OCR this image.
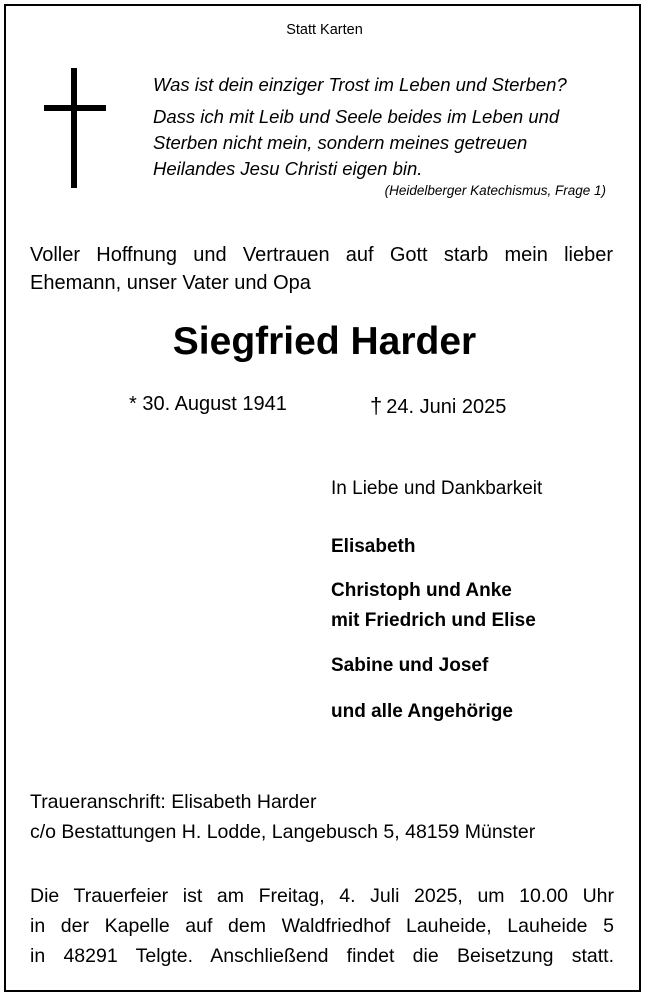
Statt Karten
Was ist dein einziger Trost im Leben und Sterben?
Dass ich mit Leib und Seele beides im Leben und
Sterben nicht mein, sondern meines getreuen
Heilandes Jesu Christi eigen bin.
(Heidelberger Katechismus, Frage 1)
Voller Hoffnung und Vertrauen auf Gott starb mein lieber
Ehemann, unser Vater und Opa
Siegfried Harder
* 30. August 1941	† 24. Juni 2025
In Liebe und Dankbarkeit
Elisabeth
Christoph und Anke
mit Friedrich und Elise
Sabine und Josef
und alle Angehörige
Traueranschrift: Elisabeth Harder
c/o Bestattungen H. Lodde, Langebusch 5, 48159 Münster
Die Trauerfeier ist am Freitag, 4. Juli 2025, um 10.00 Uhr
in der Kapelle auf dem Waldfriedhof Lauheide, Lauheide 5
in 48291 Telgte. Anschließend findet die Beisetzung statt.
